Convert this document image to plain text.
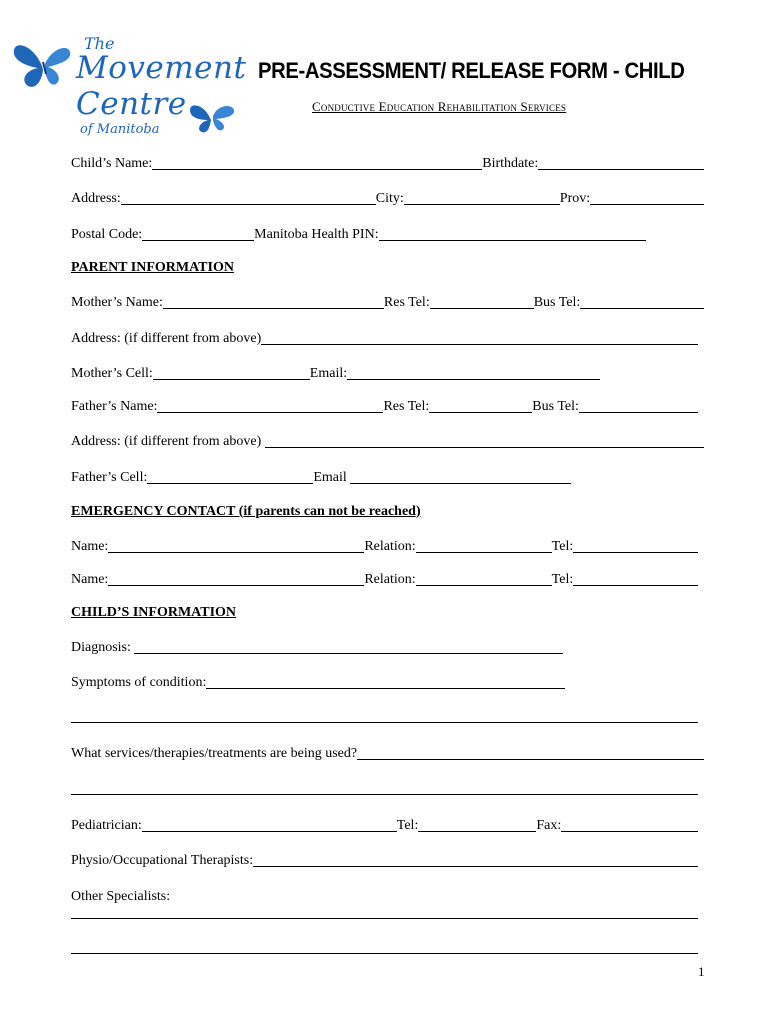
The
Movement
Centre
of Manitoba
PRE-ASSESSMENT/ RELEASE FORM - CHILD
Conductive Education Rehabilitation Services
Child’s Name:	Birthdate:
Address:	City:	Prov:
Postal Code:	Manitoba Health PIN:
PARENT INFORMATION
Mother’s Name:	Res Tel:	Bus Tel:
Address: (if different from above)
Mother’s Cell:	Email:
Father’s Name:	Res Tel:	Bus Tel:
Address: (if different from above)

Father’s Cell:	Email

EMERGENCY CONTACT (if parents can not be reached)
Name:	Relation:	Tel:
Name:	Relation:	Tel:
CHILD’S INFORMATION
Diagnosis:

Symptoms of condition:
What services/therapies/treatments are being used?
Pediatrician:	Tel:	Fax:
Physio/Occupational Therapists:
Other Specialists:
1
